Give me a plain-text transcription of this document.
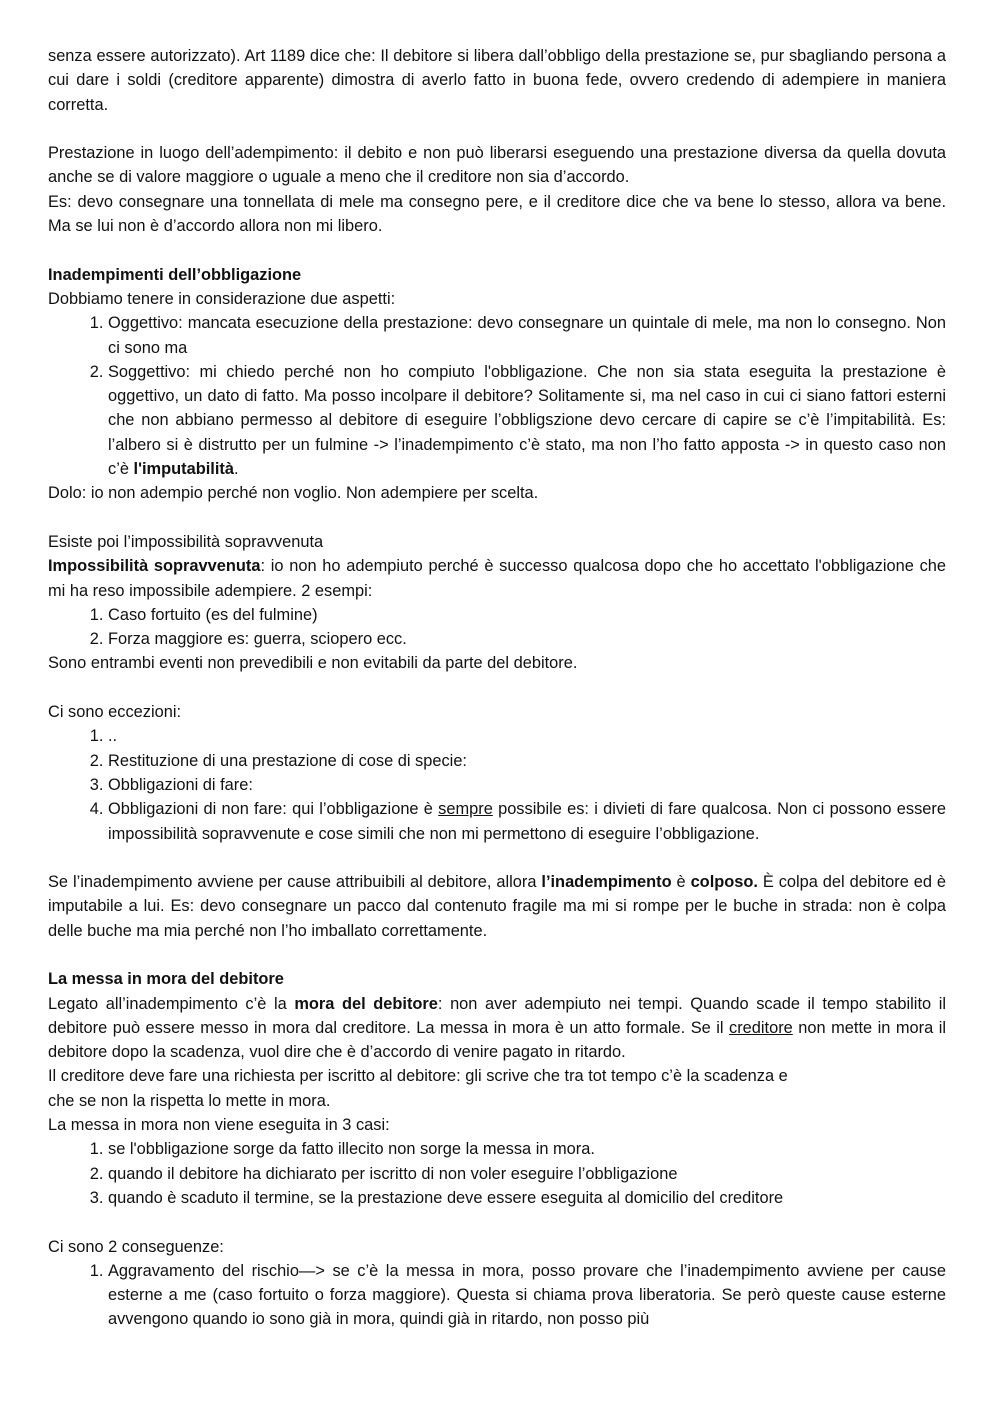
senza essere autorizzato). Art 1189 dice che: Il debitore si libera dall’obbligo della prestazione se, pur sbagliando persona a cui dare i soldi (creditore apparente) dimostra di averlo fatto in buona fede, ovvero credendo di adempiere in maniera corretta.

Prestazione in luogo dell’adempimento: il debito e non può liberarsi eseguendo una prestazione diversa da quella dovuta anche se di valore maggiore o uguale a meno che il creditore non sia d’accordo.

Es: devo consegnare una tonnellata di mele ma consegno pere, e il creditore dice che va bene lo stesso, allora va bene. Ma se lui non è d’accordo allora non mi libero.

Inadempimenti dell’obbligazione

Dobbiamo tenere in considerazione due aspetti:

1. Oggettivo: mancata esecuzione della prestazione: devo consegnare un quintale di mele, ma non lo consegno. Non ci sono ma
2. Soggettivo: mi chiedo perché non ho compiuto l'obbligazione. Che non sia stata eseguita la prestazione è oggettivo, un dato di fatto. Ma posso incolpare il debitore? Solitamente si, ma nel caso in cui ci siano fattori esterni che non abbiano permesso al debitore di eseguire l’obbligszione devo cercare di capire se c’è l’impitabilità. Es: l’albero si è distrutto per un fulmine -> l’inadempimento c’è stato, ma non l’ho fatto apposta -> in questo caso non c’è l'imputabilità.

Dolo: io non adempio perché non voglio. Non adempiere per scelta.

Esiste poi l’impossibilità sopravvenuta

Impossibilità sopravvenuta: io non ho adempiuto perché è successo qualcosa dopo che ho accettato l'obbligazione che mi ha reso impossibile adempiere. 2 esempi:

1. Caso fortuito (es del fulmine)
2. Forza maggiore es: guerra, sciopero ecc.

Sono entrambi eventi non prevedibili e non evitabili da parte del debitore.

Ci sono eccezioni:

1. ..
2. Restituzione di una prestazione di cose di specie:
3. Obbligazioni di fare:
4. Obbligazioni di non fare: qui l’obbligazione è sempre possibile es: i divieti di fare qualcosa. Non ci possono essere impossibilità sopravvenute e cose simili che non mi permettono di eseguire l’obbligazione.

Se l’inadempimento avviene per cause attribuibili al debitore, allora l’inadempimento è colposo. È colpa del debitore ed è imputabile a lui. Es: devo consegnare un pacco dal contenuto fragile ma mi si rompe per le buche in strada: non è colpa delle buche ma mia perché non l’ho imballato correttamente.

La messa in mora del debitore

Legato all’inadempimento c’è la mora del debitore: non aver adempiuto nei tempi. Quando scade il tempo stabilito il debitore può essere messo in mora dal creditore. La messa in mora è un atto formale. Se il creditore non mette in mora il debitore dopo la scadenza, vuol dire che è d’accordo di venire pagato in ritardo.

Il creditore deve fare una richiesta per iscritto al debitore: gli scrive che tra tot tempo c’è la scadenza e

che se non la rispetta lo mette in mora.

La messa in mora non viene eseguita in 3 casi:

1. se l'obbligazione sorge da fatto illecito non sorge la messa in mora.
2. quando il debitore ha dichiarato per iscritto di non voler eseguire l’obbligazione
3. quando è scaduto il termine, se la prestazione deve essere eseguita al domicilio del creditore

Ci sono 2 conseguenze:

1. Aggravamento del rischio—> se c’è la messa in mora, posso provare che l’inadempimento avviene per cause esterne a me (caso fortuito o forza maggiore). Questa si chiama prova liberatoria. Se però queste cause esterne avvengono quando io sono già in mora, quindi già in ritardo, non posso più
